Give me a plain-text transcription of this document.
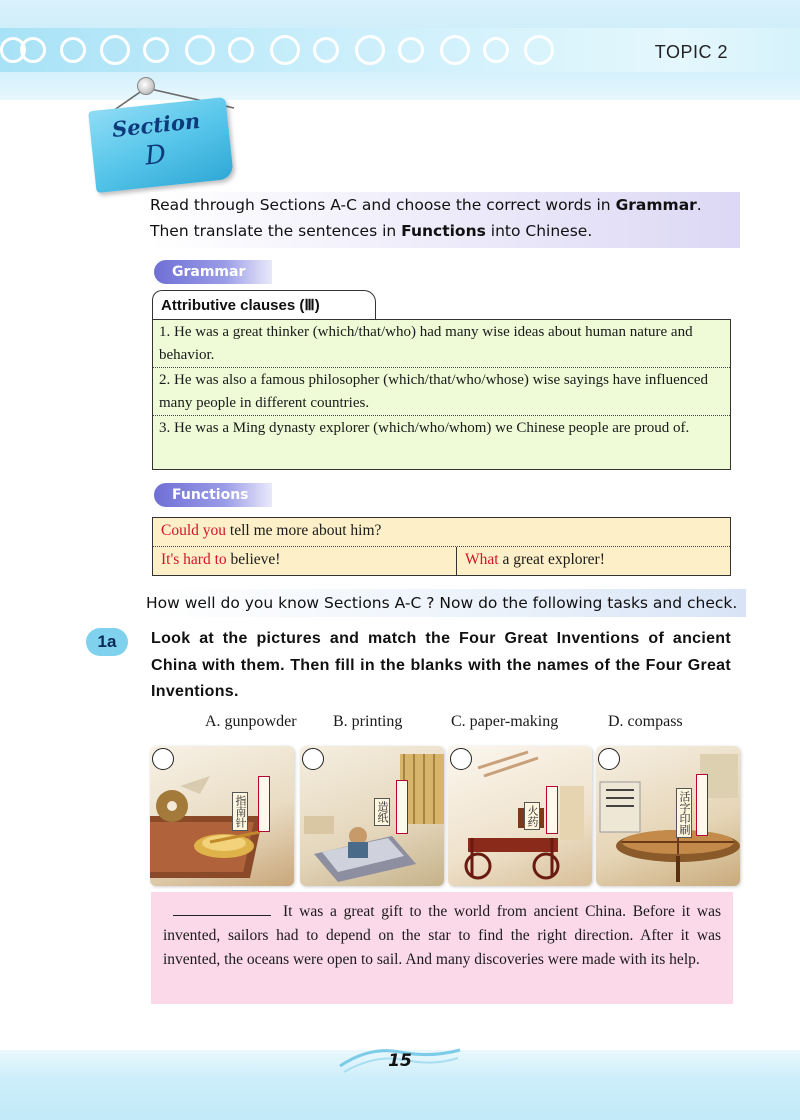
TOPIC 2
Section
D

Read through Sections A-C and choose the correct words in Grammar.

Then translate the sentences in Functions into Chinese.

Grammar
Attributive clauses (Ⅲ)
1. He was a great thinker (which/that/who) had many wise ideas about human nature and behavior.
2. He was also a famous philosopher (which/that/who/whose) wise sayings have influenced many people in different countries.
3. He was a Ming dynasty explorer (which/who/whom) we Chinese people are proud of.
Functions
Could you tell me more about him?
It's hard to believe!	What a great explorer!
How well do you know Sections A-C ? Now do the following tasks and check.
1a	Look at the pictures and match the Four Great Inventions of ancient China with them. Then fill in the blanks with the names of the Four Great Inventions.
A. gunpowder B. printing	C. paper-making	D. compass
指南针	造纸	火药	活字印刷

It was a great gift to the world from ancient China. Before it was invented, sailors had to depend on the star to find the right direction. After it was invented, the oceans were open to sail. And many discoveries were made with its help.

15
